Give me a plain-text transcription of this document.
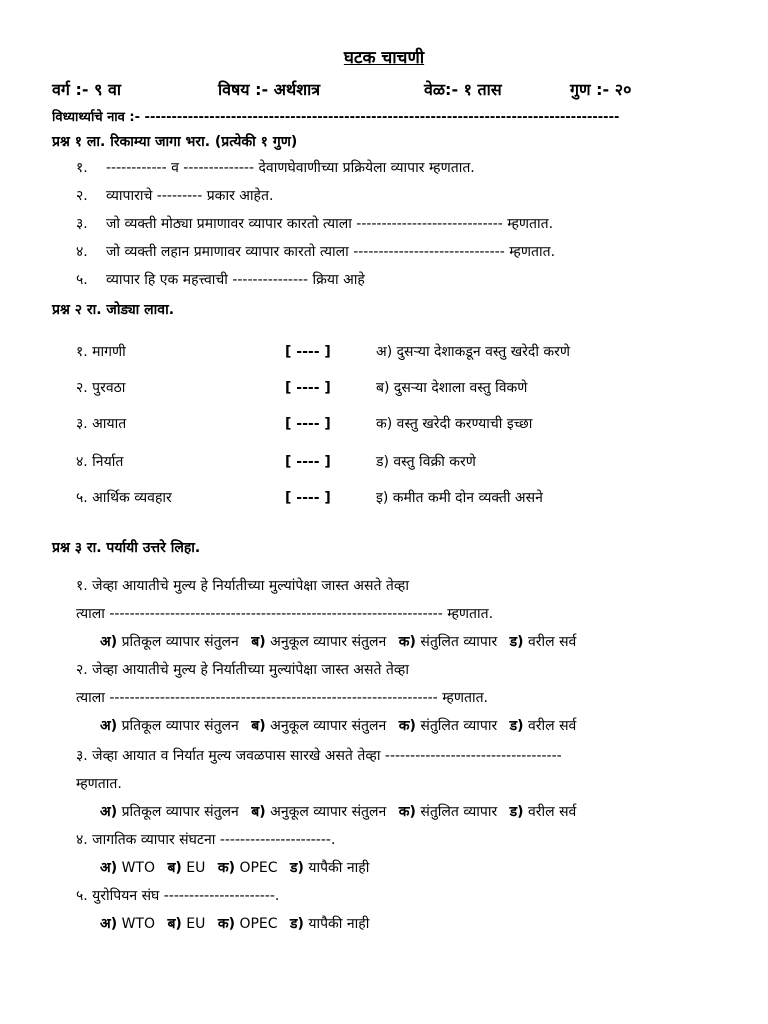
घटक चाचणी
वर्ग :- ९ वा	विषय :- अर्थशात्र	वेळ:- १ तास	गुण :- २०
विध्यार्थ्याचे नाव :- ----------------------------------------------------------------------------------------
प्रश्न १ ला. रिकाम्या जागा भरा. (प्रत्येकी १ गुण)
१. ------------ व -------------- देवाणघेवाणीच्या प्रक्रियेला व्यापार म्हणतात.
२. व्यापाराचे --------- प्रकार आहेत.
३. जो व्यक्ती मोठ्या प्रमाणावर व्यापार कारतो त्याला ----------------------------- म्हणतात.
४. जो व्यक्ती लहान प्रमाणावर व्यापार कारतो त्याला ------------------------------ म्हणतात.
५. व्यापार हि एक महत्त्वाची --------------- क्रिया आहे
प्रश्न २ रा. जोड्या लावा.
१. मागणी	[ ---- ]	अ) दुसऱ्या देशाकडून वस्तु खरेदी करणे
२. पुरवठा	[ ---- ]	ब) दुसऱ्या देशाला वस्तु विकणे
३. आयात	[ ---- ]	क) वस्तु खरेदी करण्याची इच्छा
४. निर्यात	[ ---- ]	ड) वस्तु विक्री करणे
५. आर्थिक व्यवहार	[ ---- ]	इ) कमीत कमी दोन व्यक्ती असने
प्रश्न ३ रा. पर्यायी उत्तरे लिहा.
१. जेव्हा आयातीचे मुल्य हे निर्यातीच्या मुल्यांपेक्षा जास्त असते तेव्हा
त्याला ------------------------------------------------------------------ म्हणतात.
अ) प्रतिकूल व्यापार संतुलन ब) अनुकूल व्यापार संतुलन क) संतुलित व्यापार ड) वरील सर्व
२. जेव्हा आयातीचे मुल्य हे निर्यातीच्या मुल्यांपेक्षा जास्त असते तेव्हा
त्याला ----------------------------------------------------------------- म्हणतात.
अ) प्रतिकूल व्यापार संतुलन ब) अनुकूल व्यापार संतुलन क) संतुलित व्यापार ड) वरील सर्व
३. जेव्हा आयात व निर्यात मुल्य जवळपास सारखे असते तेव्हा -----------------------------------
म्हणतात.
अ) प्रतिकूल व्यापार संतुलन ब) अनुकूल व्यापार संतुलन क) संतुलित व्यापार ड) वरील सर्व
४. जागतिक व्यापार संघटना ----------------------.
अ) WTO ब) EU क) OPEC ड) यापैकी नाही
५. युरोपियन संघ ----------------------.
अ) WTO ब) EU क) OPEC ड) यापैकी नाही
